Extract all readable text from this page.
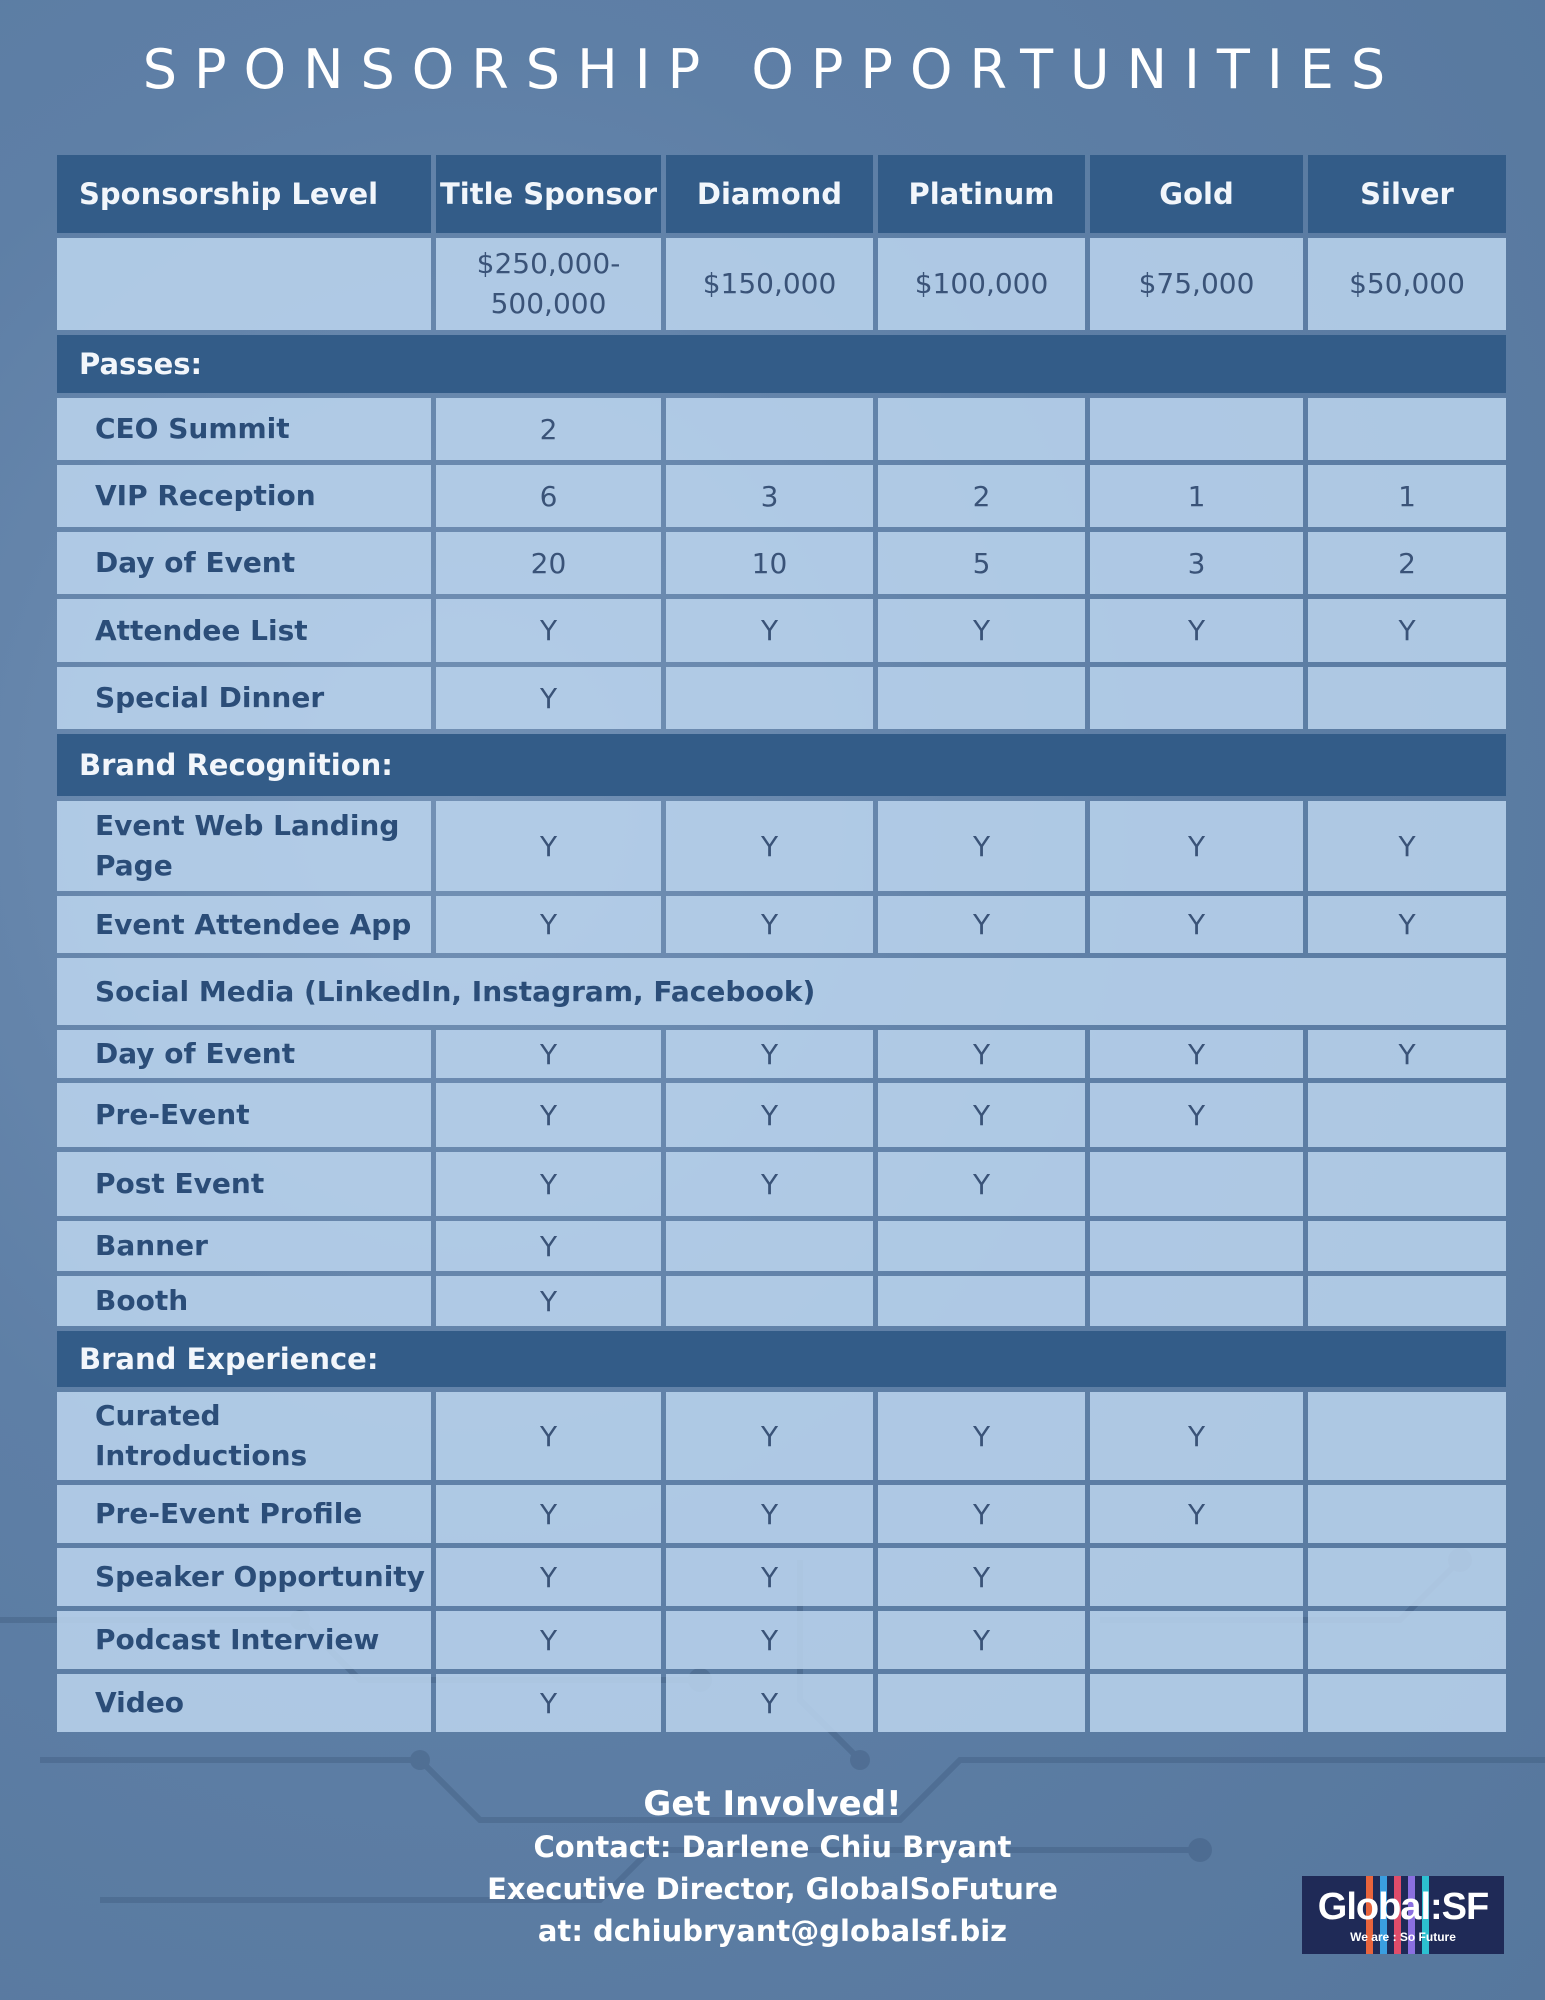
SPONSORSHIP OPPORTUNITIES
Sponsorship Level	Title Sponsor	Diamond	Platinum	Gold	Silver
	$250,000-500,000	$150,000	$100,000	$75,000	$50,000
Passes:					
CEO Summit	2				
VIP Reception	6	3	2	1	1
Day of Event	20	10	5	3	2
Attendee List	Y	Y	Y	Y	Y
Special Dinner	Y				
Brand Recognition:					
Event Web Landing Page	Y	Y	Y	Y	Y
Event Attendee App	Y	Y	Y	Y	Y
Social Media (LinkedIn, Instagram, Facebook)					
Day of Event	Y	Y	Y	Y	Y
Pre-Event	Y	Y	Y	Y	
Post Event	Y	Y	Y		
Banner	Y				
Booth	Y				
Brand Experience:					
Curated Introductions	Y	Y	Y	Y	
Pre-Event Profile	Y	Y	Y	Y	
Speaker Opportunity	Y	Y	Y		
Podcast Interview	Y	Y	Y		
Video	Y	Y			
Get Involved!
Contact: Darlene Chiu Bryant
Executive Director, GlobalSoFuture
at: dchiubryant@globalsf.biz
Global:SF
We are : So Future
